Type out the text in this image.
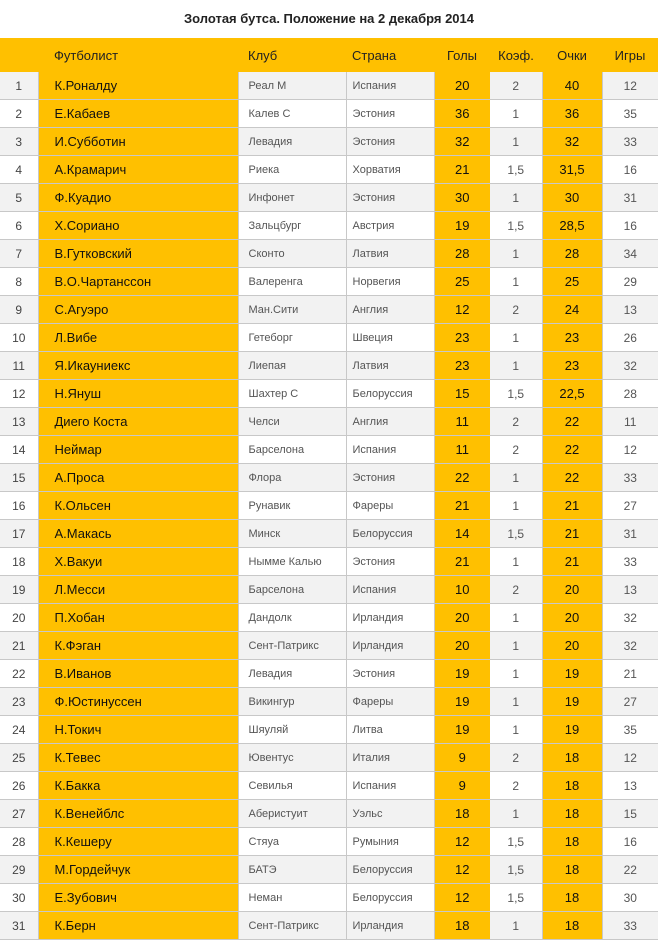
Золотая бутса. Положение на 2 декабря 2014
	Футболист	Клуб	Страна	Голы	Коэф.	Очки	Игры
1	К.Роналду	Реал М	Испания	20	2	40	12
2	Е.Кабаев	Калев С	Эстония	36	1	36	35
3	И.Субботин	Левадия	Эстония	32	1	32	33
4	А.Крамарич	Риека	Хорватия	21	1,5	31,5	16
5	Ф.Куадио	Инфонет	Эстония	30	1	30	31
6	Х.Сориано	Зальцбург	Австрия	19	1,5	28,5	16
7	В.Гутковский	Сконто	Латвия	28	1	28	34
8	В.О.Чартанссон	Валеренга	Норвегия	25	1	25	29
9	С.Агуэро	Ман.Сити	Англия	12	2	24	13
10	Л.Вибе	Гетеборг	Швеция	23	1	23	26
11	Я.Икауниекс	Лиепая	Латвия	23	1	23	32
12	Н.Януш	Шахтер С	Белоруссия	15	1,5	22,5	28
13	Диего Коста	Челси	Англия	11	2	22	11
14	Неймар	Барселона	Испания	11	2	22	12
15	А.Проса	Флора	Эстония	22	1	22	33
16	К.Ольсен	Рунавик	Фареры	21	1	21	27
17	А.Макась	Минск	Белоруссия	14	1,5	21	31
18	Х.Вакуи	Нымме Калью	Эстония	21	1	21	33
19	Л.Месси	Барселона	Испания	10	2	20	13
20	П.Хобан	Дандолк	Ирландия	20	1	20	32
21	К.Фэган	Сент-Патрикс	Ирландия	20	1	20	32
22	В.Иванов	Левадия	Эстония	19	1	19	21
23	Ф.Юстинуссен	Викингур	Фареры	19	1	19	27
24	Н.Токич	Шяуляй	Литва	19	1	19	35
25	К.Тевес	Ювентус	Италия	9	2	18	12
26	К.Бакка	Севилья	Испания	9	2	18	13
27	К.Венейблс	Аберистуит	Уэльс	18	1	18	15
28	К.Кешеру	Стяуа	Румыния	12	1,5	18	16
29	М.Гордейчук	БАТЭ	Белоруссия	12	1,5	18	22
30	Е.Зубович	Неман	Белоруссия	12	1,5	18	30
31	К.Берн	Сент-Патрикс	Ирландия	18	1	18	33
